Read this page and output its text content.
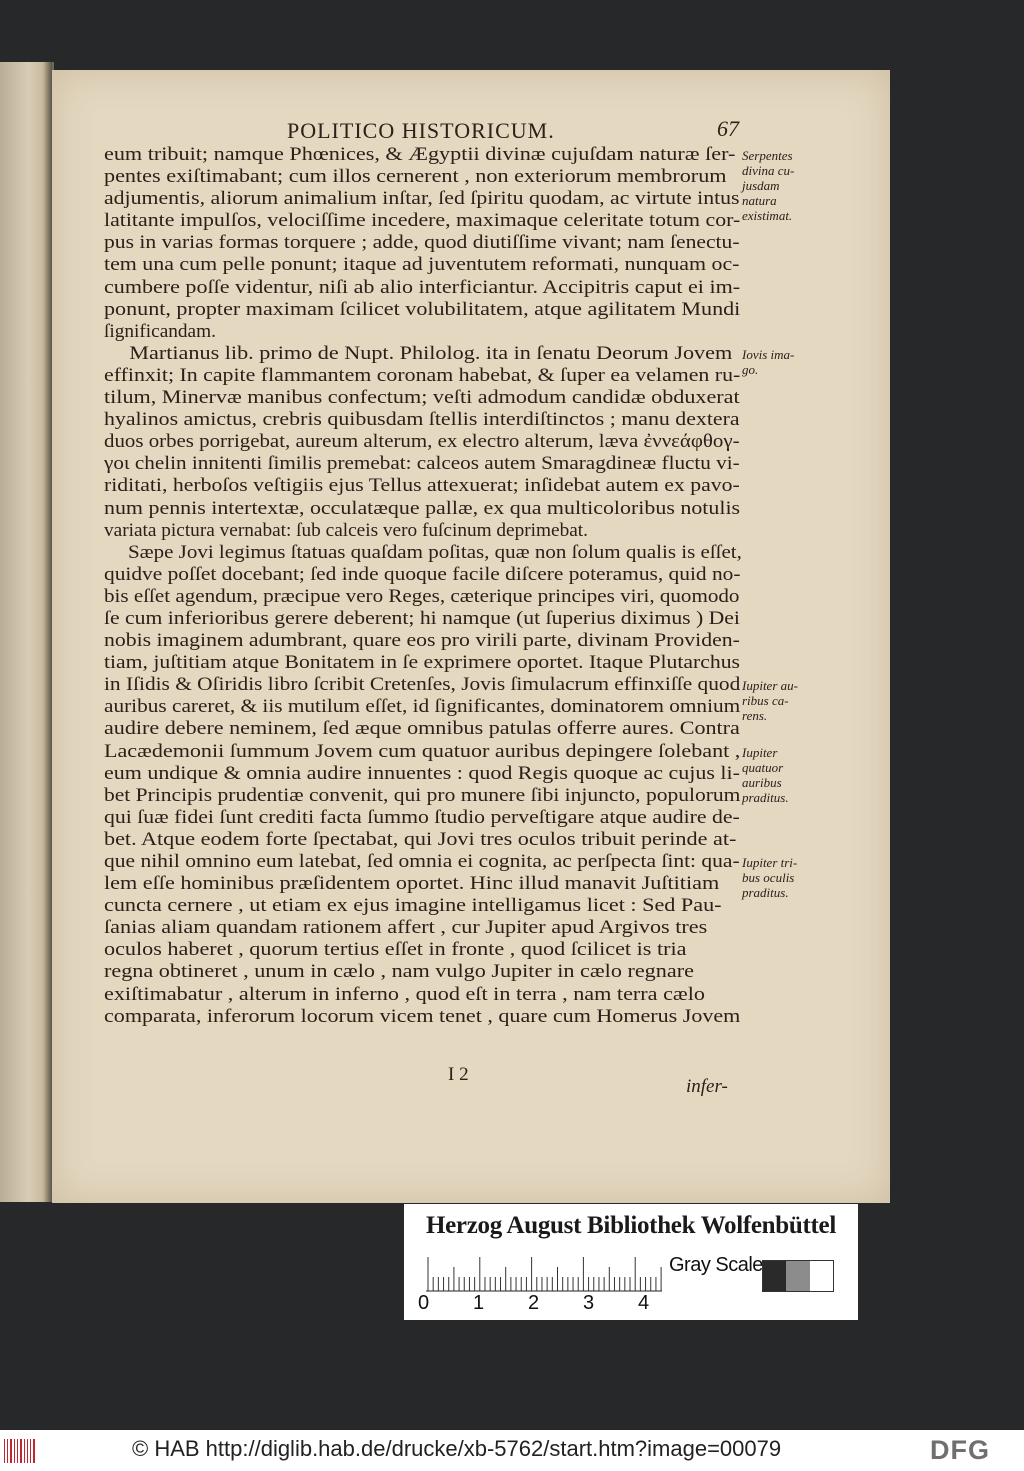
POLITICO HISTORICUM.	67
eum tribuit; namque Phœnices, & Ægyptii divinæ cujuſdam naturæ ſer-
pentes exiſtimabant; cum illos cernerent , non exteriorum membrorum
adjumentis, aliorum animalium inſtar, ſed ſpiritu quodam, ac virtute intus
latitante impulſos, velociſſime incedere, maximaque celeritate totum cor-
pus in varias formas torquere ; adde, quod diutiſſime vivant; nam ſenectu-
tem una cum pelle ponunt; itaque ad juventutem reformati, nunquam oc-
cumbere poſſe videntur, niſi ab alio interficiantur. Accipitris caput ei im-
ponunt, propter maximam ſcilicet volubilitatem, atque agilitatem Mundi
ſignificandam.
Martianus lib. primo de Nupt. Philolog. ita in ſenatu Deorum Jovem
effinxit; In capite flammantem coronam habebat, & ſuper ea velamen ru-
tilum, Minervæ manibus confectum; veſti admodum candidæ obduxerat
hyalinos amictus, crebris quibusdam ſtellis interdiſtinctos ; manu dextera
duos orbes porrigebat, aureum alterum, ex electro alterum, læva ἐννεάφθογ-
γοι chelin innitenti ſimilis premebat: calceos autem Smaragdineæ fluctu vi-
riditati, herboſos veſtigiis ejus Tellus attexuerat; inſidebat autem ex pavo-
num pennis intertextæ, occulatæque pallæ, ex qua multicoloribus notulis
variata pictura vernabat: ſub calceis vero fuſcinum deprimebat.
Sæpe Jovi legimus ſtatuas quaſdam poſitas, quæ non ſolum qualis is eſſet,
quidve poſſet docebant; ſed inde quoque facile diſcere poteramus, quid no-
bis eſſet agendum, præcipue vero Reges, cæterique principes viri, quomodo
ſe cum inferioribus gerere deberent; hi namque (ut ſuperius diximus ) Dei
nobis imaginem adumbrant, quare eos pro virili parte, divinam Providen-
tiam, juſtitiam atque Bonitatem in ſe exprimere oportet. Itaque Plutarchus
in Iſidis & Oſiridis libro ſcribit Cretenſes, Jovis ſimulacrum effinxiſſe quod
auribus careret, & iis mutilum eſſet, id ſignificantes, dominatorem omnium
audire debere neminem, ſed æque omnibus patulas offerre aures. Contra
Lacædemonii ſummum Jovem cum quatuor auribus depingere ſolebant ,
eum undique & omnia audire innuentes : quod Regis quoque ac cujus li-
bet Principis prudentiæ convenit, qui pro munere ſibi injuncto, populorum
qui ſuæ fidei ſunt crediti facta ſummo ſtudio perveſtigare atque audire de-
bet. Atque eodem forte ſpectabat, qui Jovi tres oculos tribuit perinde at-
que nihil omnino eum latebat, ſed omnia ei cognita, ac perſpecta ſint: qua-
lem eſſe hominibus præſidentem oportet. Hinc illud manavit Juſtitiam
cuncta cernere , ut etiam ex ejus imagine intelligamus licet : Sed Pau-
ſanias aliam quandam rationem affert , cur Jupiter apud Argivos tres
oculos haberet , quorum tertius eſſet in fronte , quod ſcilicet is tria
regna obtineret , unum in cælo , nam vulgo Jupiter in cælo regnare
exiſtimabatur , alterum in inferno , quod eſt in terra , nam terra cælo
comparata, inferorum locorum vicem tenet , quare cum Homerus Jovem
Serpentes
divina cu-
jusdam
natura
existimat.
Iovis ima-
go.
Iupiter au-
ribus ca-
rens.
Iupiter
quatuor
auribus
praditus.
Iupiter tri-
bus oculis
praditus.
I 2
infer-
Herzog August Bibliothek Wolfenbüttel
0 1 2 3 4
Gray Scale
© HAB http://diglib.hab.de/drucke/xb-5762/start.htm?image=00079	DFG
